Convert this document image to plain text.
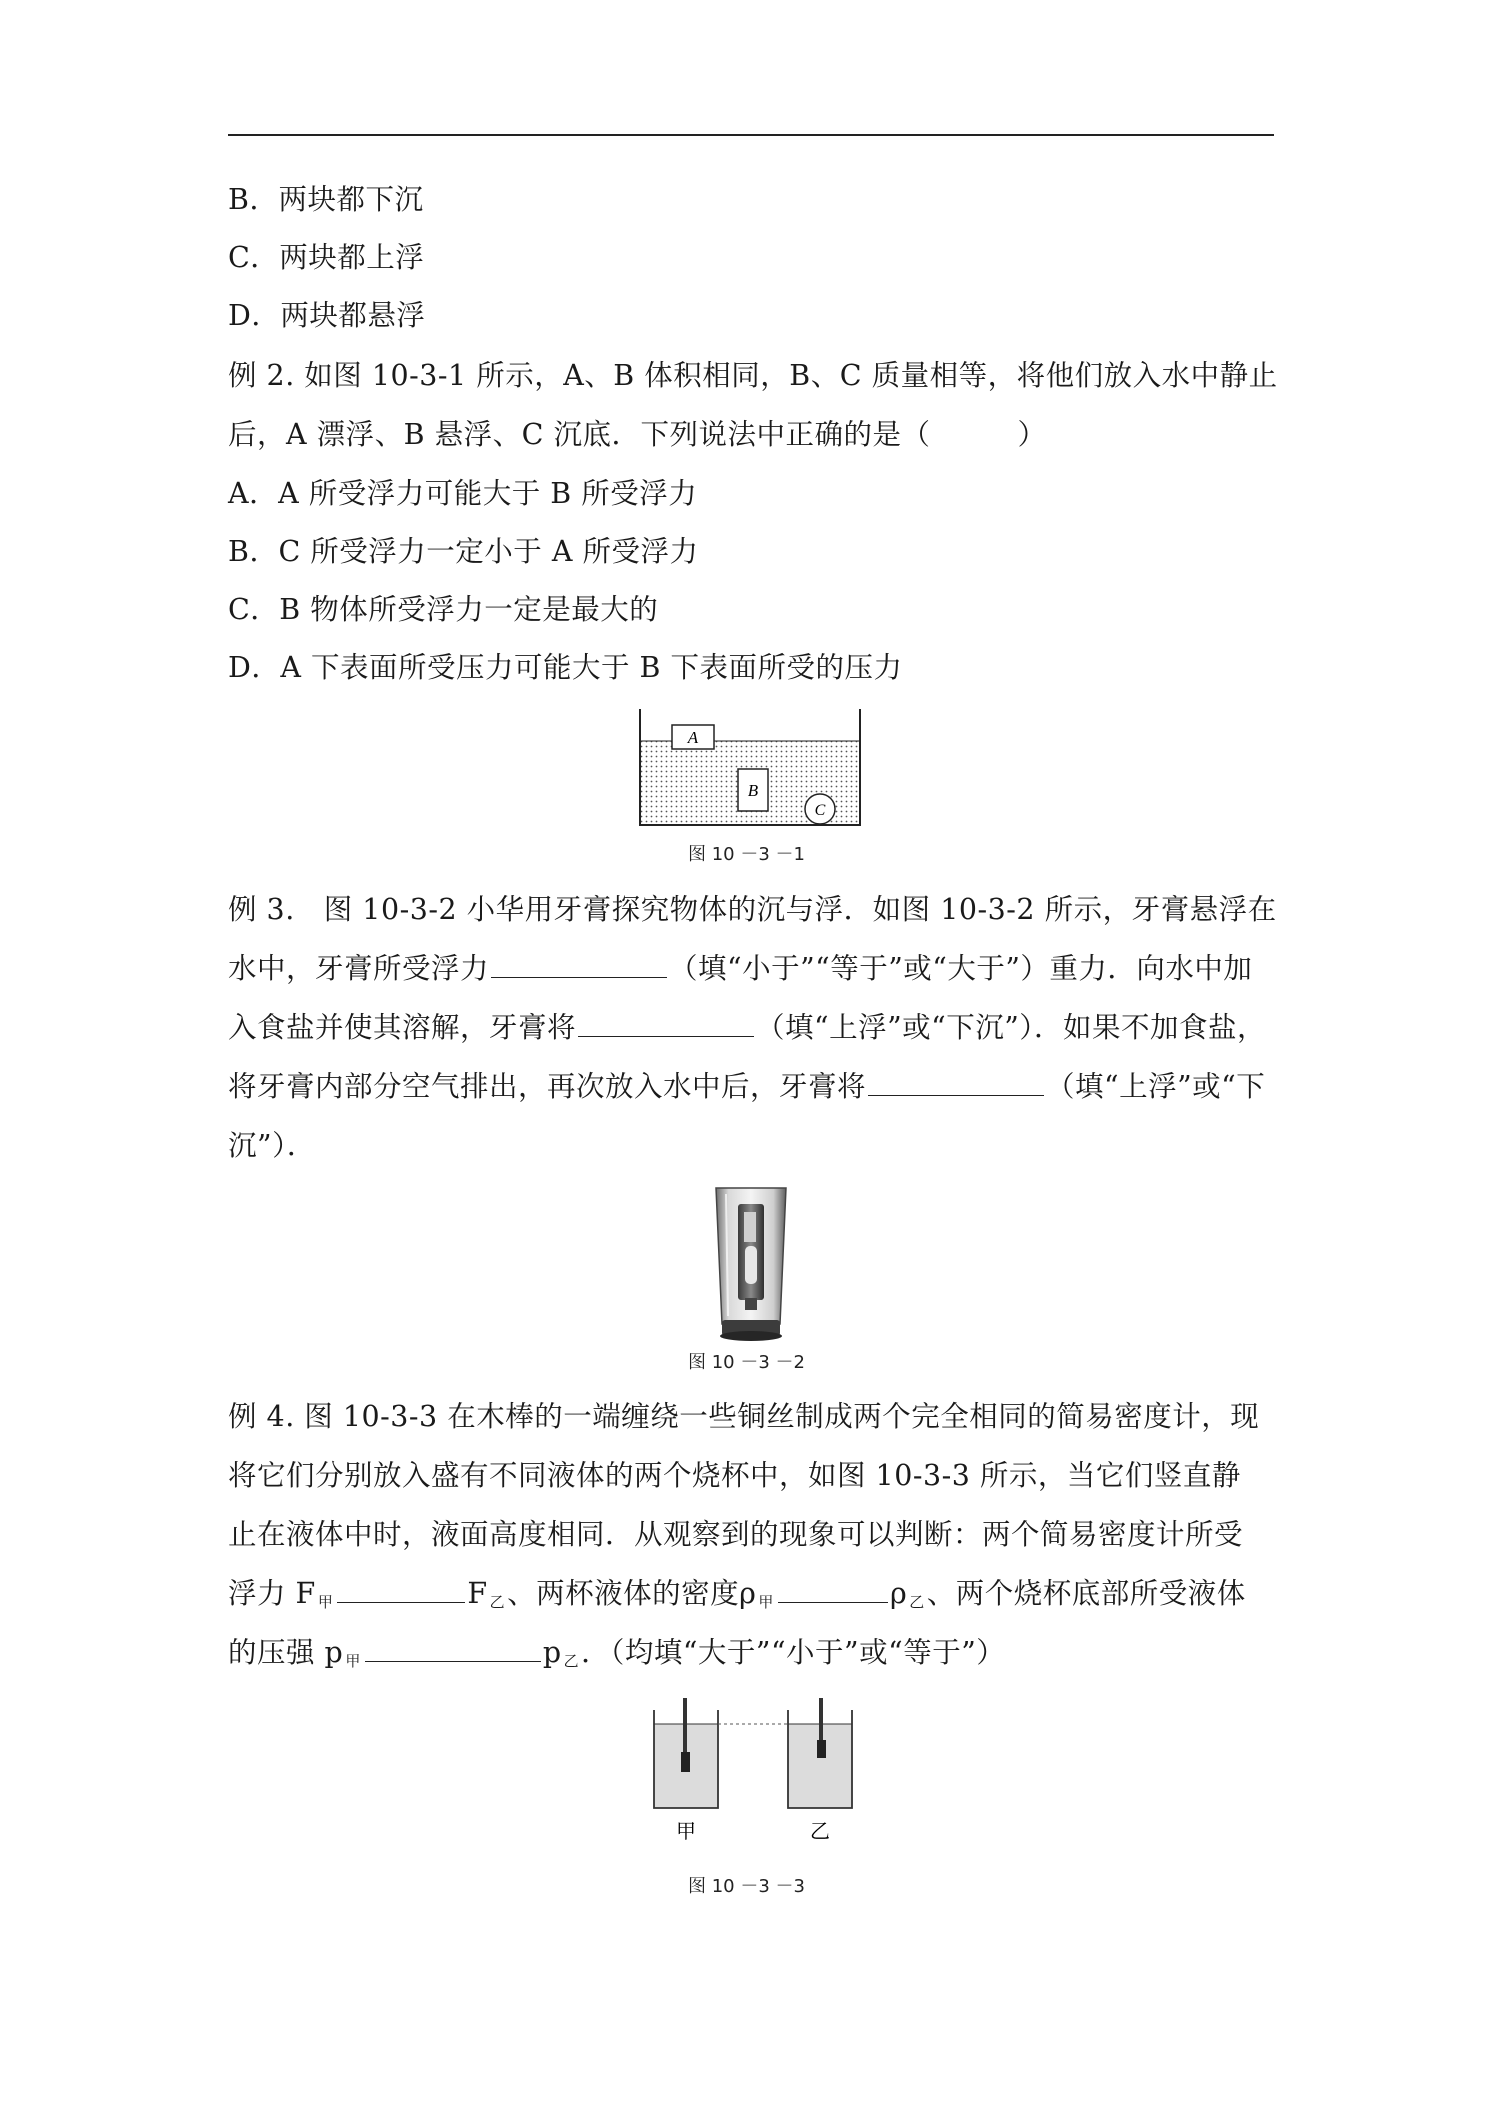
B．两块都下沉
C．两块都上浮
D．两块都悬浮
例 2. 如图 10-3-1 所示，A、B 体积相同，B、C 质量相等，将他们放入水中静止
后，A 漂浮、B 悬浮、C 沉底．下列说法中正确的是（　　　）
A．A 所受浮力可能大于 B 所受浮力
B．C 所受浮力一定小于 A 所受浮力
C．B 物体所受浮力一定是最大的
D．A 下表面所受压力可能大于 B 下表面所受的压力
A
B
C
图 10 －3 －1
例 3.　图 10-3-2 小华用牙膏探究物体的沉与浮．如图 10-3-2 所示，牙膏悬浮在
水中，牙膏所受浮力	（填“小于”“等于”或“大于”）重力．向水中加
入食盐并使其溶解，牙膏将	（填“上浮”或“下沉”）．如果不加食盐，
将牙膏内部分空气排出，再次放入水中后，牙膏将	（填“上浮”或“下
沉”）．
图 10 －3 －2
例 4. 图 10-3-3 在木棒的一端缠绕一些铜丝制成两个完全相同的简易密度计，现
将它们分别放入盛有不同液体的两个烧杯中，如图 10-3-3 所示，当它们竖直静
止在液体中时，液面高度相同．从观察到的现象可以判断：两个简易密度计所受
浮力 F $_甲$	F $_乙$、两杯液体的密度ρ $_甲$	ρ $_乙$、两个烧杯底部所受液体
的压强 p $_甲$	p $_乙$．（均填“大于”“小于”或“等于”）
甲	乙
图 10 －3 －3
